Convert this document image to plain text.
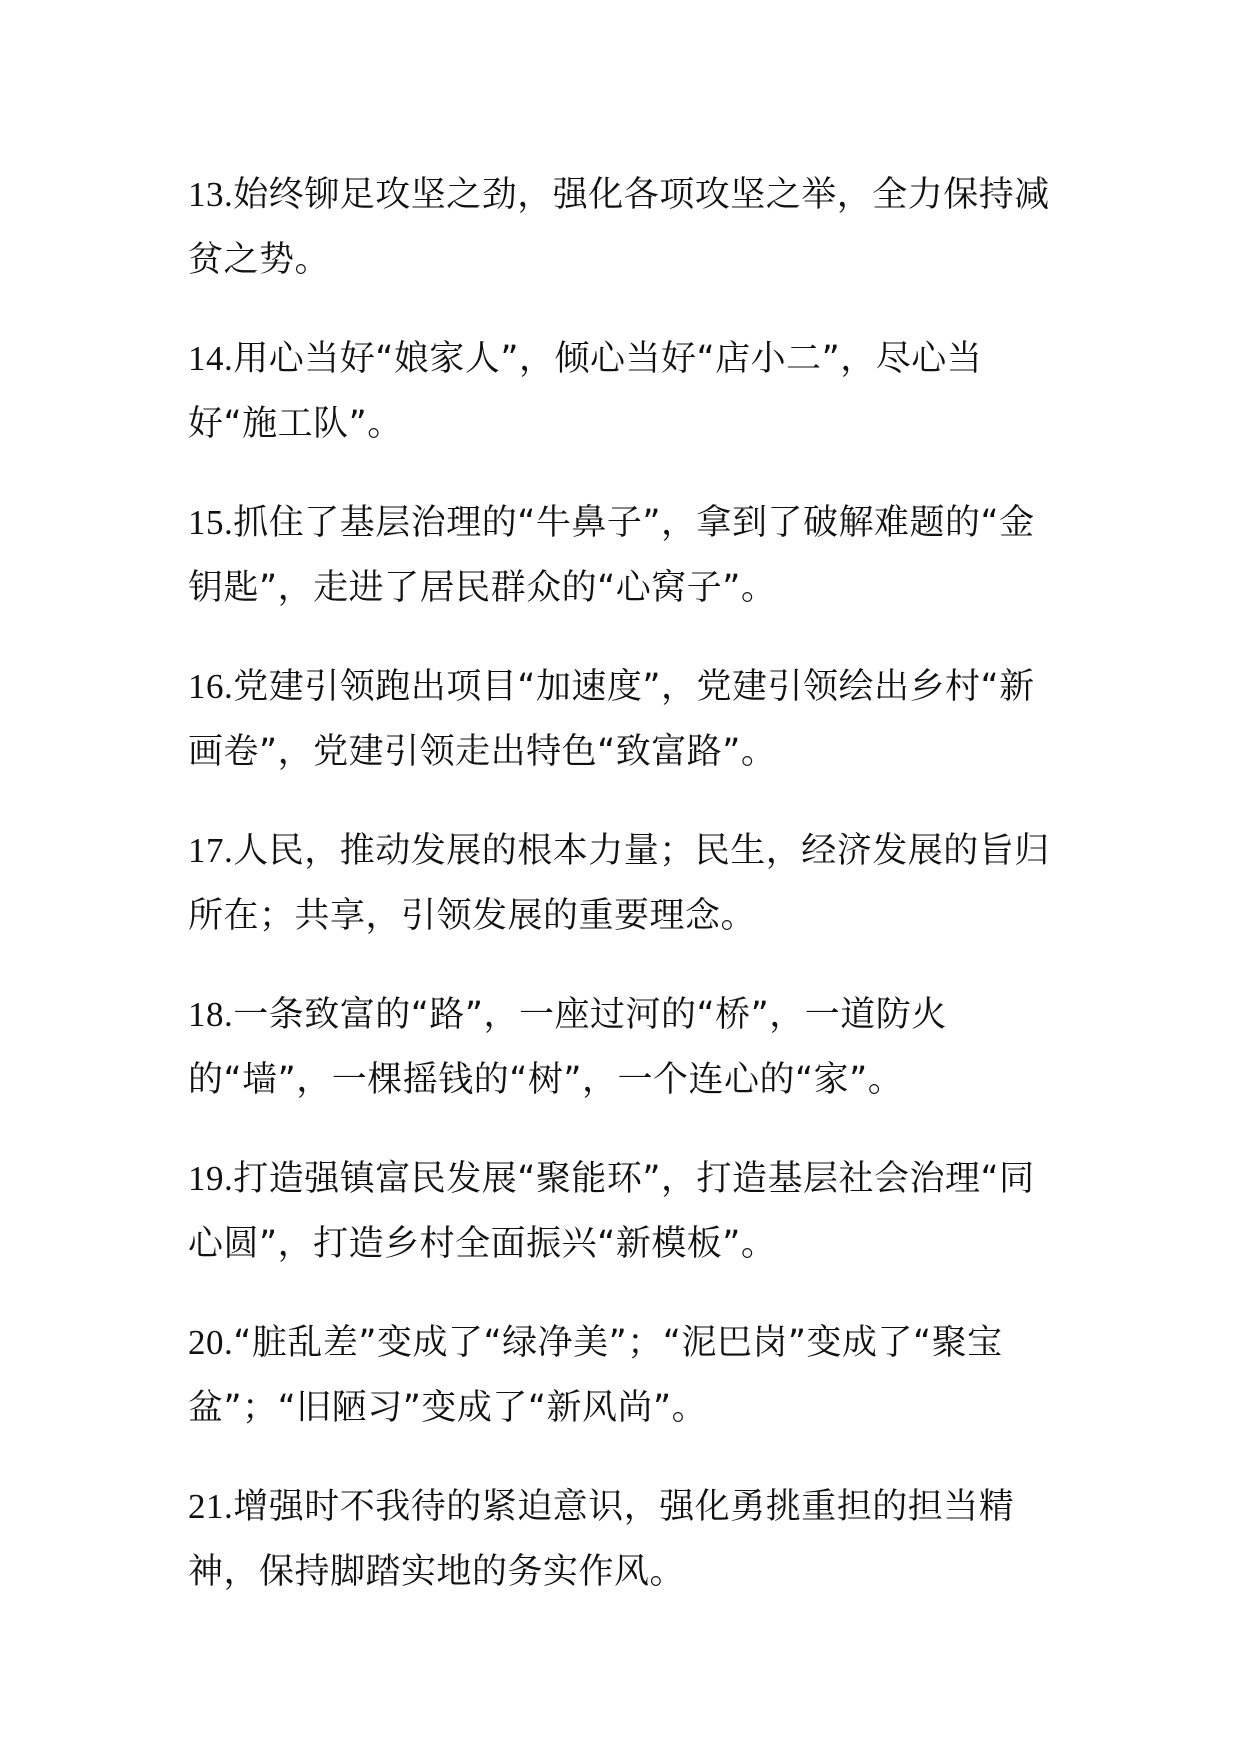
13.始终铆足攻坚之劲，强化各项攻坚之举，全力保持减贫之势。
14.用心当好“娘家人”，倾心当好“店小二”，尽心当好“施工队”。
15.抓住了基层治理的“牛鼻子”，拿到了破解难题的“金钥匙”，走进了居民群众的“心窝子”。
16.党建引领跑出项目“加速度”，党建引领绘出乡村“新画卷”，党建引领走出特色“致富路”。
17.人民，推动发展的根本力量；民生，经济发展的旨归所在；共享，引领发展的重要理念。
18.一条致富的“路”，一座过河的“桥”，一道防火的“墙”，一棵摇钱的“树”，一个连心的“家”。
19.打造强镇富民发展“聚能环”，打造基层社会治理“同心圆”，打造乡村全面振兴“新模板”。
20.“脏乱差”变成了“绿净美”；“泥巴岗”变成了“聚宝盆”；“旧陋习”变成了“新风尚”。
21.增强时不我待的紧迫意识，强化勇挑重担的担当精神，保持脚踏实地的务实作风。
